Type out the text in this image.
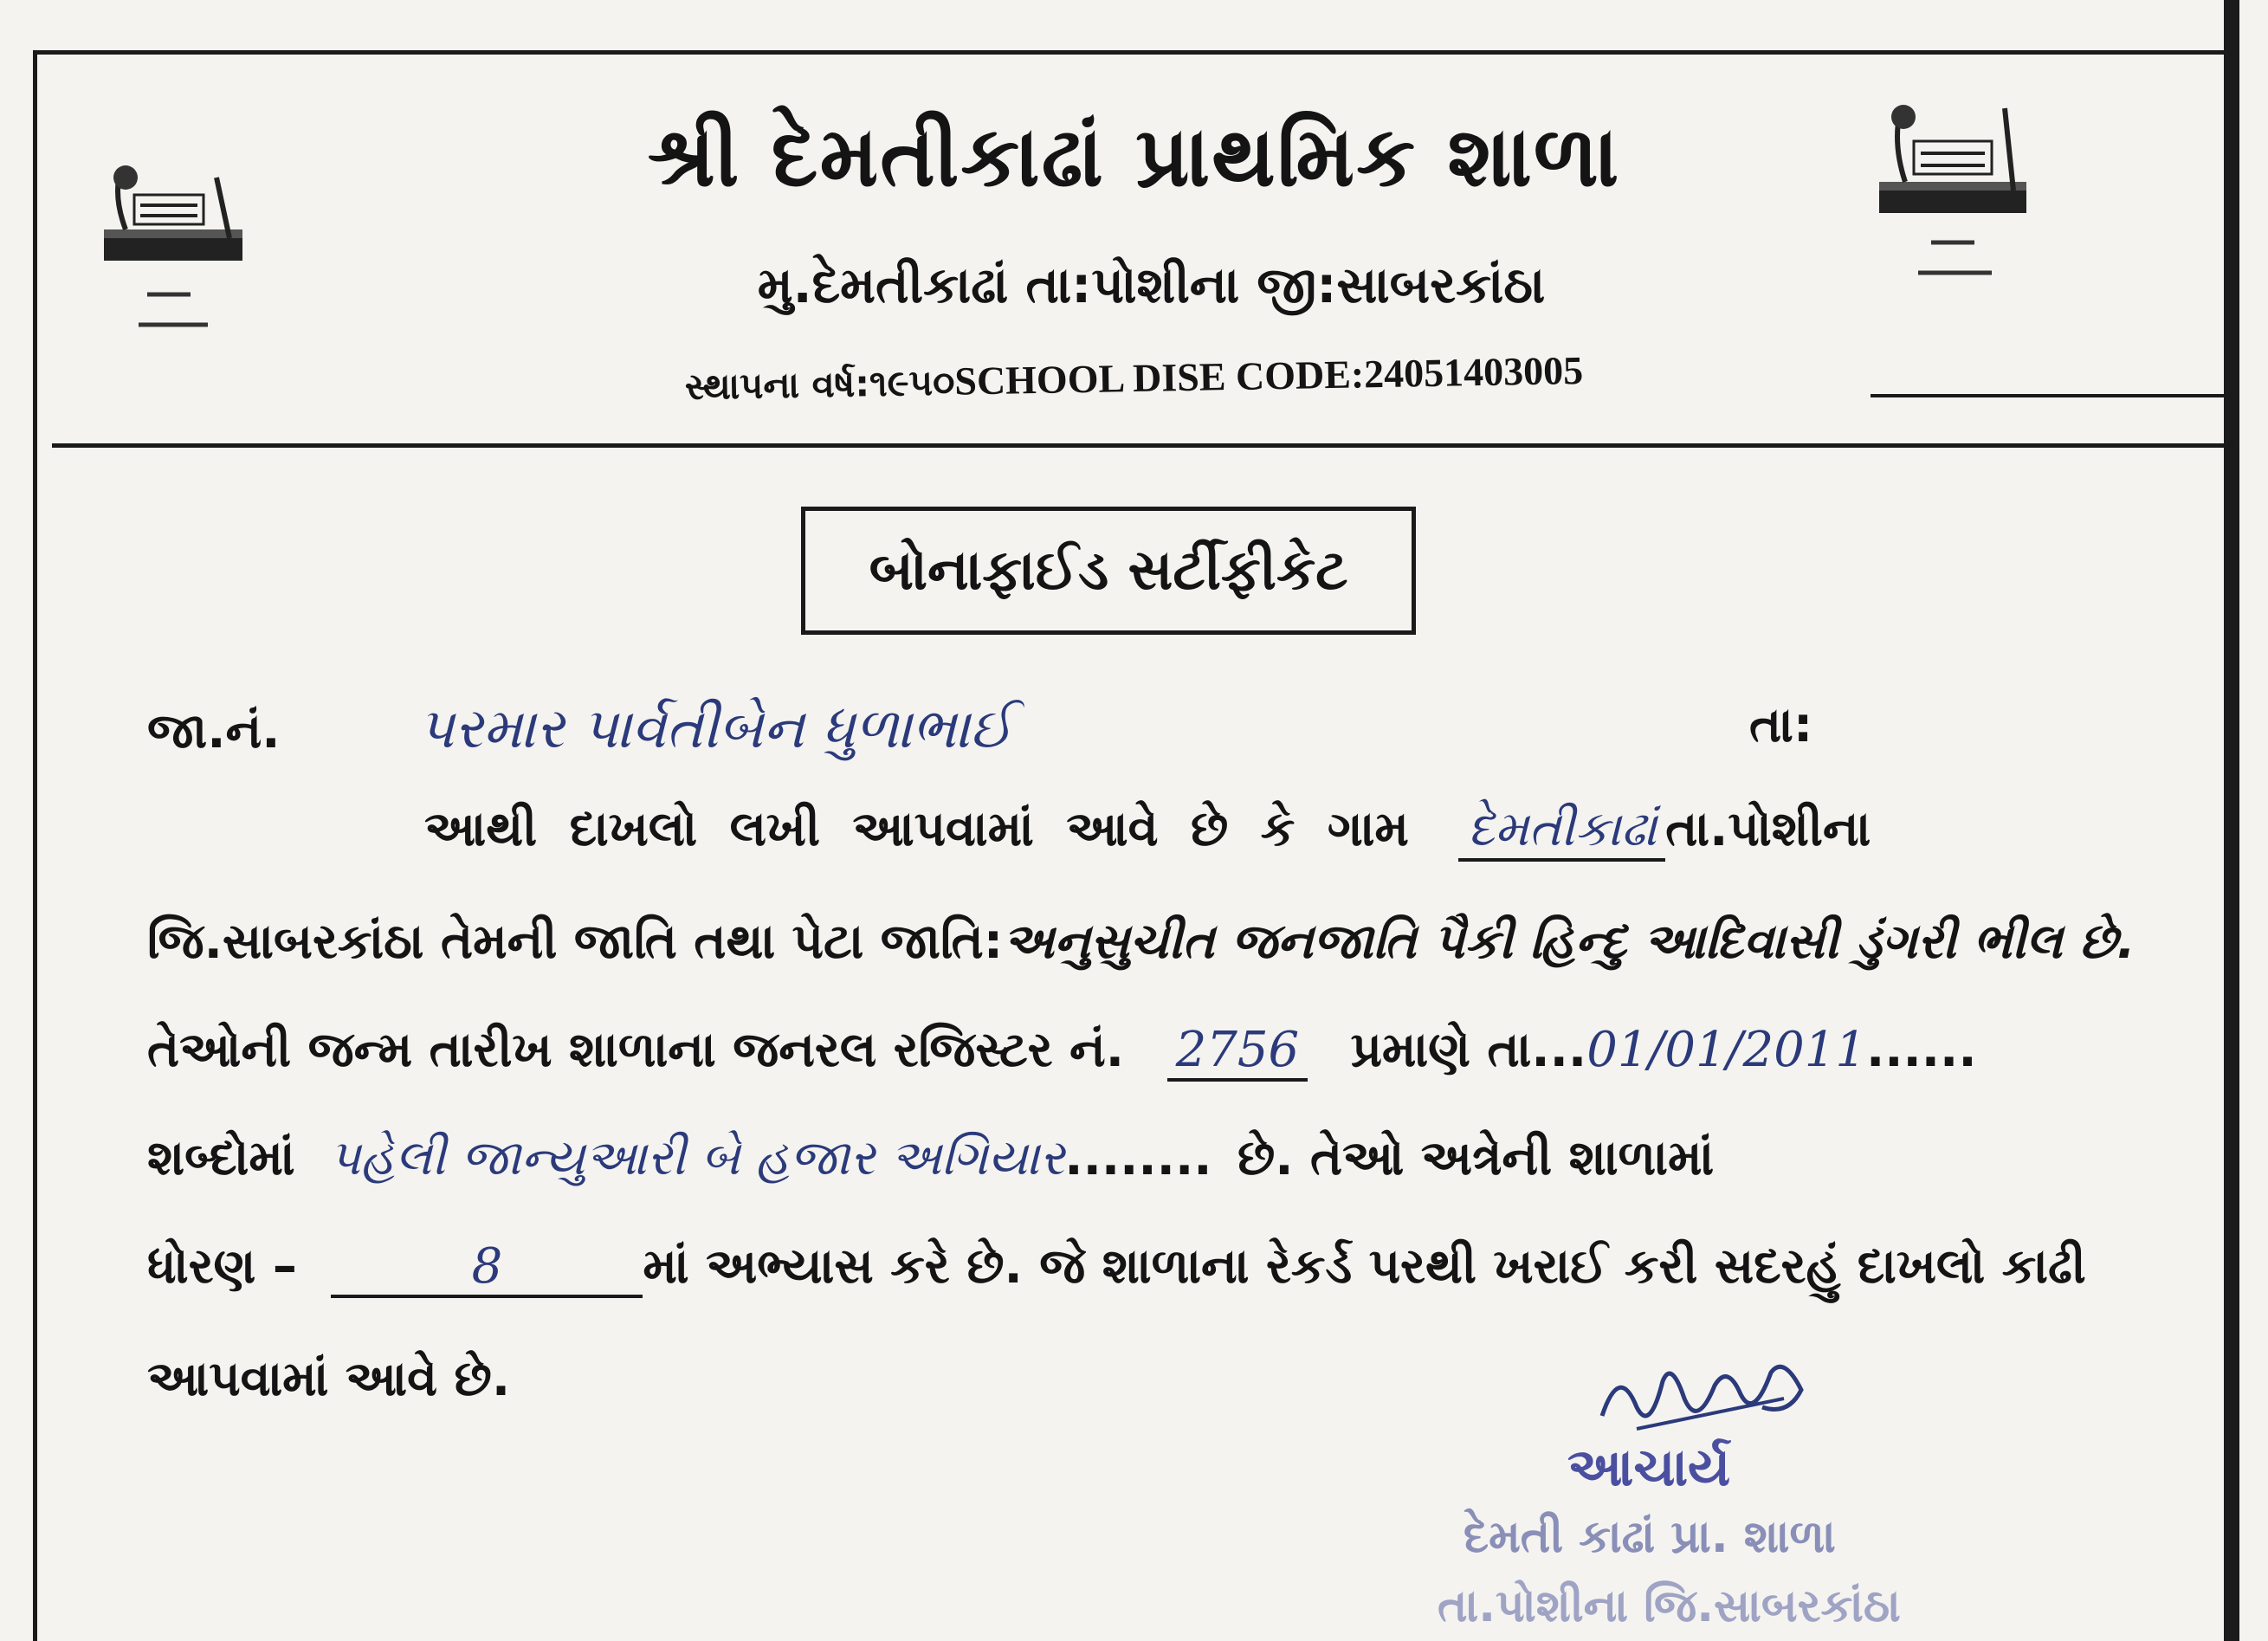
શ્રી દેમતીકાઢાં પ્રાથમિક શાળા
મુ.દેમતીકાઢાં તા:પોશીના જી:સાબરકાંઠા
સ્થાપના વર્ષ:૧૯૫૦SCHOOL DISE CODE:24051403005
બોનાફાઈડ સર્ટીફીકેટ
જા.નં. પરમાર પાર્વતીબેન ધુળાભાઈ	તા:
આથી દાખલો લખી આપવામાં આવે છે કે ગામ દેમતીકાઢાં તા.પોશીના
જિ.સાબરકાંઠા તેમની જાતિ તથા પેટા જાતિ:અનુસુચીત જનજાતિ પૈકી હિન્દુ આદિવાસી ડુંગરી ભીલ છે.
તેઓની જન્મ તારીખ શાળાના જનરલ રજિસ્ટર નં. 2756 પ્રમાણે તા...01/01/2011......
શબ્દોમાં પહેલી જાન્યુઆરી બે હજાર અગિયાર........ છે. તેઓ અત્રેની શાળામાં
ધોરણ –	8	માં અભ્યાસ કરે છે. જે શાળાના રેકર્ડ પરથી ખરાઈ કરી સદરહું દાખલો કાઢી
આપવામાં આવે છે.
આચાર્ય
દેમતી કાઢાં પ્રા. શાળા
તા.પોશીના જિ.સાબરકાંઠા
